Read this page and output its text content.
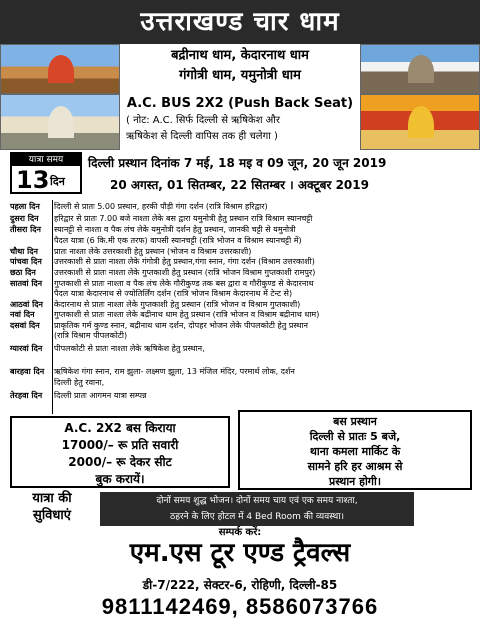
उत्तराखण्ड चार धाम
बद्रीनाथ धाम, केदारनाथ धाम
गंगोत्री धाम, यमुनोत्री धाम
A.C. BUS 2X2 (Push Back Seat)
( नोट: A.C. सिर्फ दिल्ली से ऋषिकेश और
ऋषिकेश से दिल्ली वापिस तक ही चलेगा )
यात्रा समय
13 दिन
दिल्ली प्रस्थान दिनांक 7 मई, 18 मइ व 09 जून, 20 जून 2019
20 अगस्त, 01 सितम्बर, 22 सितम्बर । अक्टूबर 2019
पहला दिन	दिल्ली से प्रातः 5.00 प्रस्थान, हरकी पौड़ी गंगा दर्शन (रात्रि विश्राम हरिद्वार)
दुसरा दिन	हरिद्वार से प्रातः 7.00 बजे नाश्ता लेके बस द्वारा यमुनोत्री हेतु प्रस्थान रात्रि विश्राम स्यानचट्टी
तीसरा दिन	स्यानट्टी से नाश्ता व पैक लंच लेके यमुनोत्री दर्शन हेतु प्रस्थान, जानकी चट्टी से यमुनोत्री
पैदल यात्रा (6 कि.मी एक तरफ) वापसी स्यानचट्टी (रात्रि भोजन व विश्राम स्यानचट्टी में)
चौथा दिन	प्रातः नाश्ता लेके उत्तरकाशी हेतु प्रस्थान (भोजन व विश्राम उत्तरकाशी)
पांचवा दिन	उत्तरकाशी से प्रातः नाश्ता लेके गंगोत्री हेतु प्रस्थान,गंगा स्नान, गंगा दर्शन (विश्राम उत्तरकाशी)
छठा दिन	उत्तरकाशी से प्रातः नाश्ता लेके गुप्तकाशी हेतु प्रस्थान (रात्रि भोजन विश्राम गुप्तकाशी रामपुर)
सातवां दिन	गुप्तकाशी से प्रातः नाश्ता व पैक लंच लेके गौरीकुण्ड तक बस द्वारा व गौरीकुण्ड से केदारनाथ
पैदल यात्रा केदारनाथ से ज्योतिर्लिंग दर्शन (रात्रि भोजन विश्राम केदारनाथ में टेन्ट से)
आठवां दिन	केदारनाथ से प्रातः नाश्ता लेके गुप्तकाशी हेतु प्रस्थान (रात्रि भोजन व विश्राम गुप्तकाशी)
नवां दिन	गुप्तकाशी से प्रातः नाश्ता लेके बद्रीनाथ धाम हेतु प्रस्थान (रात्रि भोजन व विश्राम बद्रीनाथ धाम)
दसवां दिन	प्राकृतिक गर्म कुण्ड स्नान, बद्रीनाथ धाम दर्शन, दोपहर भोजन लेके पीपलकोटी हेतु प्रस्थान
(रात्रि विश्राम पीपलकोटी)
ग्यारवां दिन	पीपलकोटी से प्रातः नाश्ता लेके ऋषिकेश हेतु प्रस्थान,
बारहवा दिन	ऋषिकेश गंगा स्नान, राम झुला- लक्ष्मण झूला, 13 मंजिल मंदिर, परमार्थ लोक, दर्शन
दिल्ली हेतु रवाना,
तेरहवा दिन	दिल्ली प्रातः आगमन यात्रा सम्पन्न
A.C. 2X2 बस किराया
17000/– रू प्रति सवारी
2000/– रू देकर सीट
बुक करायें।
बस प्रस्थान
दिल्ली से प्रातः 5 बजे,
थाना कमला मार्किट के
सामने हरि हर आश्रम से
प्रस्थान होगी।
यात्रा की
सुविधाएं
दोनों समय शुद्ध भोजन। दोनों समय चाय एवं एक समय नाश्ता,
ठहरने के लिए होटल में 4 Bed Room की व्यवस्था।
सम्पर्क करें:
एम.एस टूर एण्ड ट्रैवल्स
डी-7/222, सेक्टर-6, रोहिणी, दिल्ली-85
9811142469, 8586073766
